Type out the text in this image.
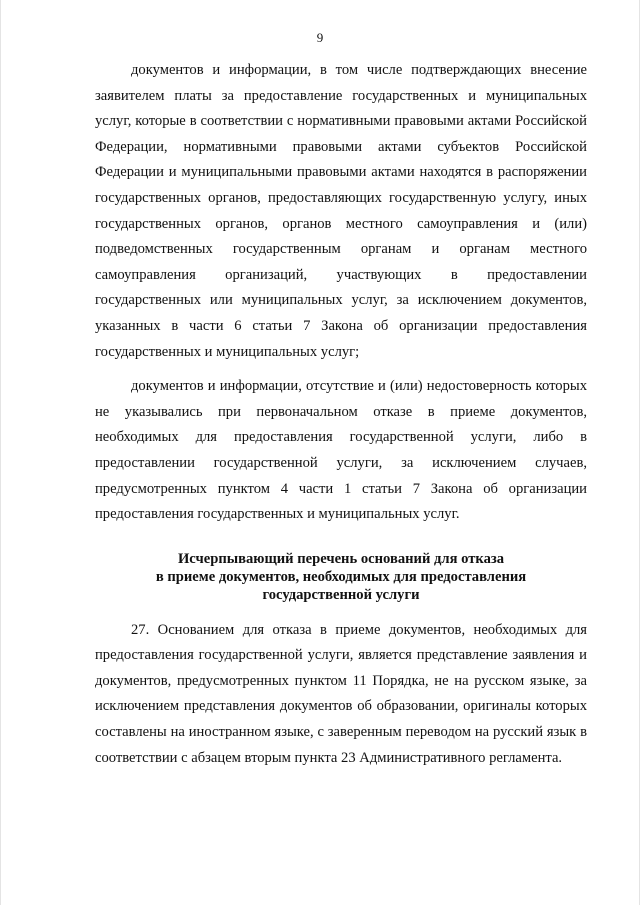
9

документов и информации, в том числе подтверждающих внесение заявителем платы за предоставление государственных и муниципальных услуг, которые в соответствии с нормативными правовыми актами Российской Федерации, нормативными правовыми актами субъектов Российской Федерации и муниципальными правовыми актами находятся в распоряжении государственных органов, предоставляющих государственную услугу, иных государственных органов, органов местного самоуправления и (или) подведомственных государственным органам и органам местного самоуправления организаций, участвующих в предоставлении государственных или муниципальных услуг, за исключением документов, указанных в части 6 статьи 7 Закона об организации предоставления государственных и муниципальных услуг;

документов и информации, отсутствие и (или) недостоверность которых не указывались при первоначальном отказе в приеме документов, необходимых для предоставления государственной услуги, либо в предоставлении государственной услуги, за исключением случаев, предусмотренных пунктом 4 части 1 статьи 7 Закона об организации предоставления государственных и муниципальных услуг.

Исчерпывающий перечень оснований для отказа
в приеме документов, необходимых для предоставления
государственной услуги

27. Основанием для отказа в приеме документов, необходимых для предоставления государственной услуги, является представление заявления и документов, предусмотренных пунктом 11 Порядка, не на русском языке, за исключением представления документов об образовании, оригиналы которых составлены на иностранном языке, с заверенным переводом на русский язык в соответствии с абзацем вторым пункта 23 Административного регламента.
